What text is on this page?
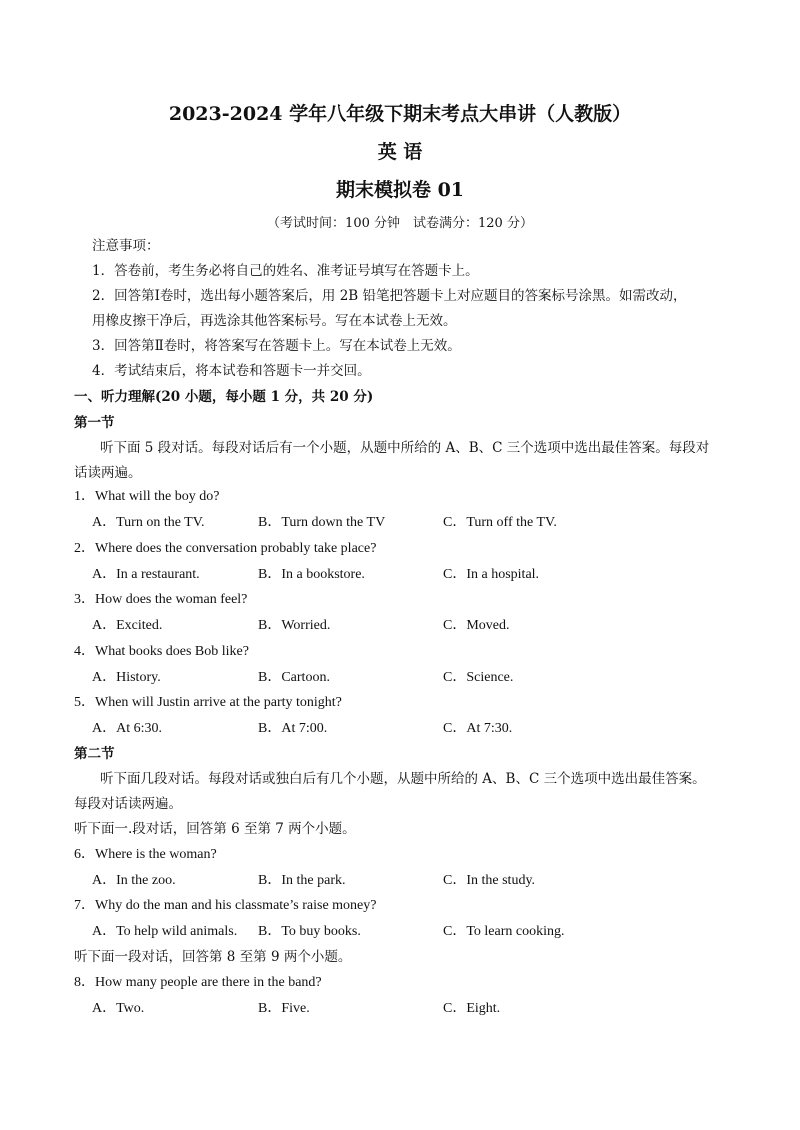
2023-2024 学年八年级下期末考点大串讲（人教版）
英 语
期末模拟卷 01
（考试时间：100 分钟　试卷满分：120 分）
注意事项：
1．答卷前，考生务必将自己的姓名、准考证号填写在答题卡上。
2．回答第Ⅰ卷时，选出每小题答案后，用 2B 铅笔把答题卡上对应题目的答案标号涂黑。如需改动，
用橡皮擦干净后，再选涂其他答案标号。写在本试卷上无效。
3．回答第Ⅱ卷时，将答案写在答题卡上。写在本试卷上无效。
4．考试结束后，将本试卷和答题卡一并交回。
一、听力理解(20 小题，每小题 1 分，共 20 分)
第一节
听下面 5 段对话。每段对话后有一个小题，从题中所给的 A、B、C 三个选项中选出最佳答案。每段对
话读两遍。
1．What will the boy do?
A．Turn on the TV.	B．Turn down the TV	C．Turn off the TV.
2．Where does the conversation probably take place?
A．In a restaurant.	B．In a bookstore.	C．In a hospital.
3．How does the woman feel?
A．Excited.	B．Worried.	C．Moved.
4．What books does Bob like?
A．History.	B．Cartoon.	C．Science.
5．When will Justin arrive at the party tonight?
A．At 6:30.	B．At 7:00.	C．At 7:30.
第二节
听下面几段对话。每段对话或独白后有几个小题，从题中所给的 A、B、C 三个选项中选出最佳答案。
每段对话读两遍。
听下面一.段对话，回答第 6 至第 7 两个小题。
6．Where is the woman?
A．In the zoo.	B．In the park.	C．In the study.
7．Why do the man and his classmate’s raise money?
A．To help wild animals. B．To buy books.	C．To learn cooking.
听下面一段对话，回答第 8 至第 9 两个小题。
8．How many people are there in the band?
A．Two.	B．Five.	C．Eight.
